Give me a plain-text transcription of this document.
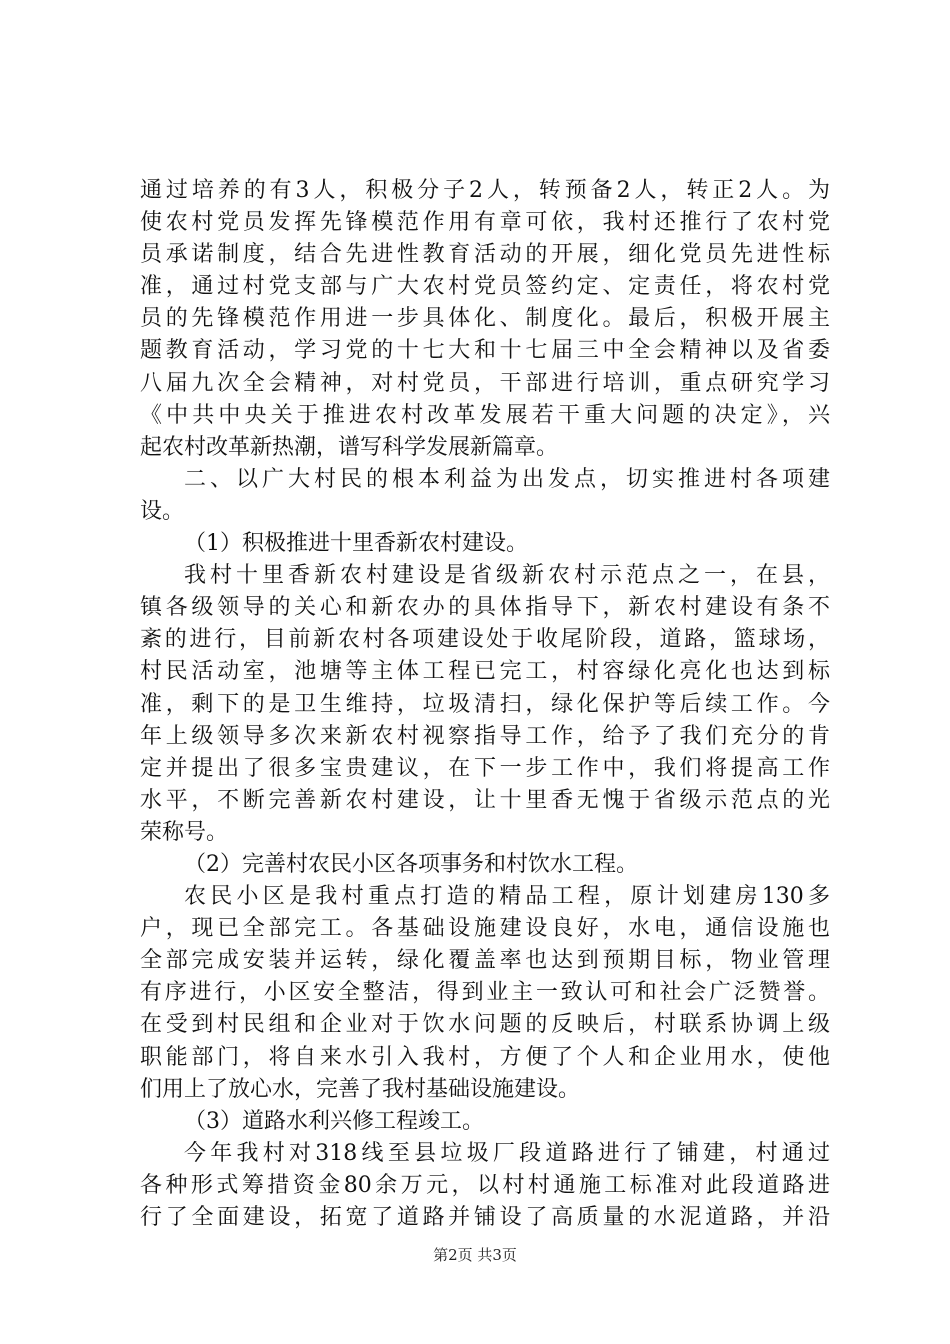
通过培养的有3人，积极分子2人，转预备2人，转正2人。为
使农村党员发挥先锋模范作用有章可依，我村还推行了农村党
员承诺制度，结合先进性教育活动的开展，细化党员先进性标
准，通过村党支部与广大农村党员签约定、定责任，将农村党
员的先锋模范作用进一步具体化、制度化。最后，积极开展主
题教育活动，学习党的十七大和十七届三中全会精神以及省委
八届九次全会精神，对村党员，干部进行培训，重点研究学习
《中共中央关于推进农村改革发展若干重大问题的决定》，兴
起农村改革新热潮，谱写科学发展新篇章。
二、以广大村民的根本利益为出发点，切实推进村各项建
设。
（1）积极推进十里香新农村建设。
我村十里香新农村建设是省级新农村示范点之一，在县，
镇各级领导的关心和新农办的具体指导下，新农村建设有条不
紊的进行，目前新农村各项建设处于收尾阶段，道路，篮球场，
村民活动室，池塘等主体工程已完工，村容绿化亮化也达到标
准，剩下的是卫生维持，垃圾清扫，绿化保护等后续工作。今
年上级领导多次来新农村视察指导工作，给予了我们充分的肯
定并提出了很多宝贵建议，在下一步工作中，我们将提高工作
水平，不断完善新农村建设，让十里香无愧于省级示范点的光
荣称号。
（2）完善村农民小区各项事务和村饮水工程。
农民小区是我村重点打造的精品工程，原计划建房130多
户，现已全部完工。各基础设施建设良好，水电，通信设施也
全部完成安装并运转，绿化覆盖率也达到预期目标，物业管理
有序进行，小区安全整洁，得到业主一致认可和社会广泛赞誉。
在受到村民组和企业对于饮水问题的反映后，村联系协调上级
职能部门，将自来水引入我村，方便了个人和企业用水，使他
们用上了放心水，完善了我村基础设施建设。
（3）道路水利兴修工程竣工。
今年我村对318线至县垃圾厂段道路进行了铺建，村通过
各种形式筹措资金80余万元，以村村通施工标准对此段道路进
行了全面建设，拓宽了道路并铺设了高质量的水泥道路，并沿
第2页 共3页
